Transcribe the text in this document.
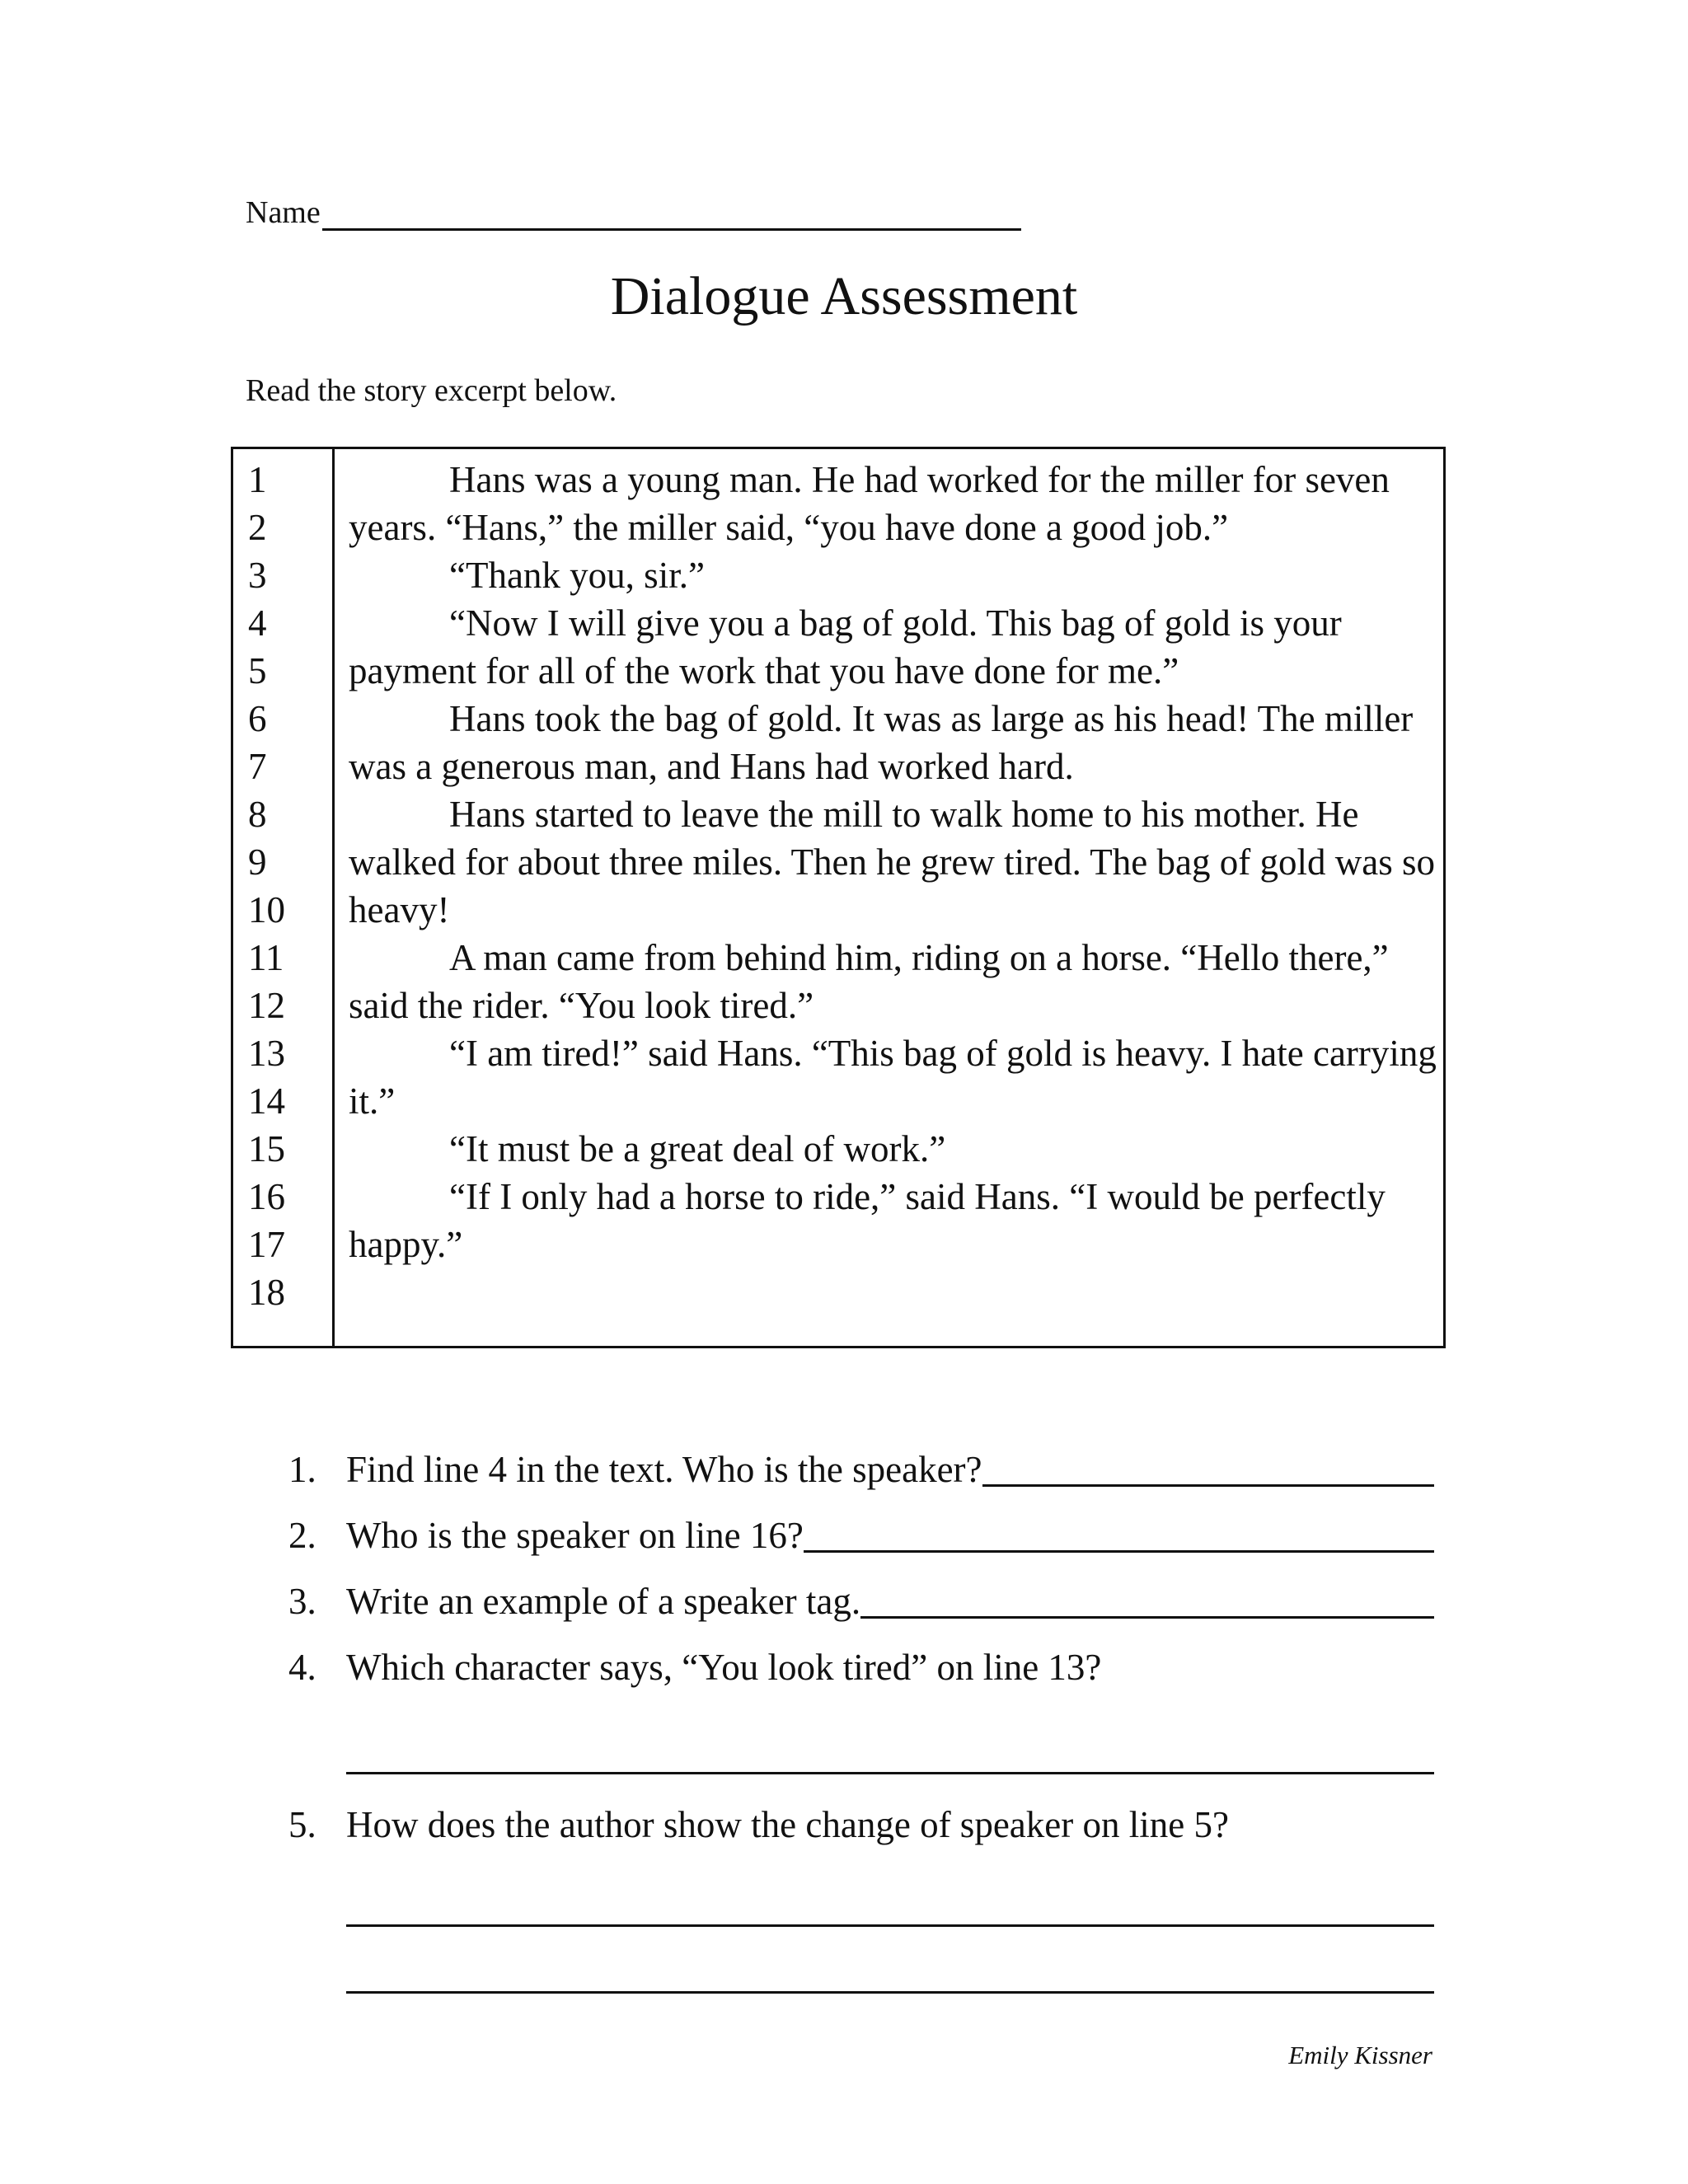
Name
Dialogue Assessment
Read the story excerpt below.
1
2
3
4
5
6
7
8
9
10
11
12
13
14
15
16
17
18

Hans was a young man. He had worked for the miller for seven years. “Hans,” the miller said, “you have done a good job.”

“Thank you, sir.”

“Now I will give you a bag of gold. This bag of gold is your payment for all of the work that you have done for me.”

Hans took the bag of gold. It was as large as his head! The miller was a generous man, and Hans had worked hard.

Hans started to leave the mill to walk home to his mother. He walked for about three miles. Then he grew tired. The bag of gold was so heavy!

A man came from behind him, riding on a horse. “Hello there,” said the rider. “You look tired.”

“I am tired!” said Hans. “This bag of gold is heavy. I hate carrying it.”

“It must be a great deal of work.”

“If I only had a horse to ride,” said Hans. “I would be perfectly happy.”

1. Find line 4 in the text. Who is the speaker?
2. Who is the speaker on line 16?
3. Write an example of a speaker tag.
4. Which character says, “You look tired” on line 13?
5. How does the author show the change of speaker on line 5?
Emily Kissner
